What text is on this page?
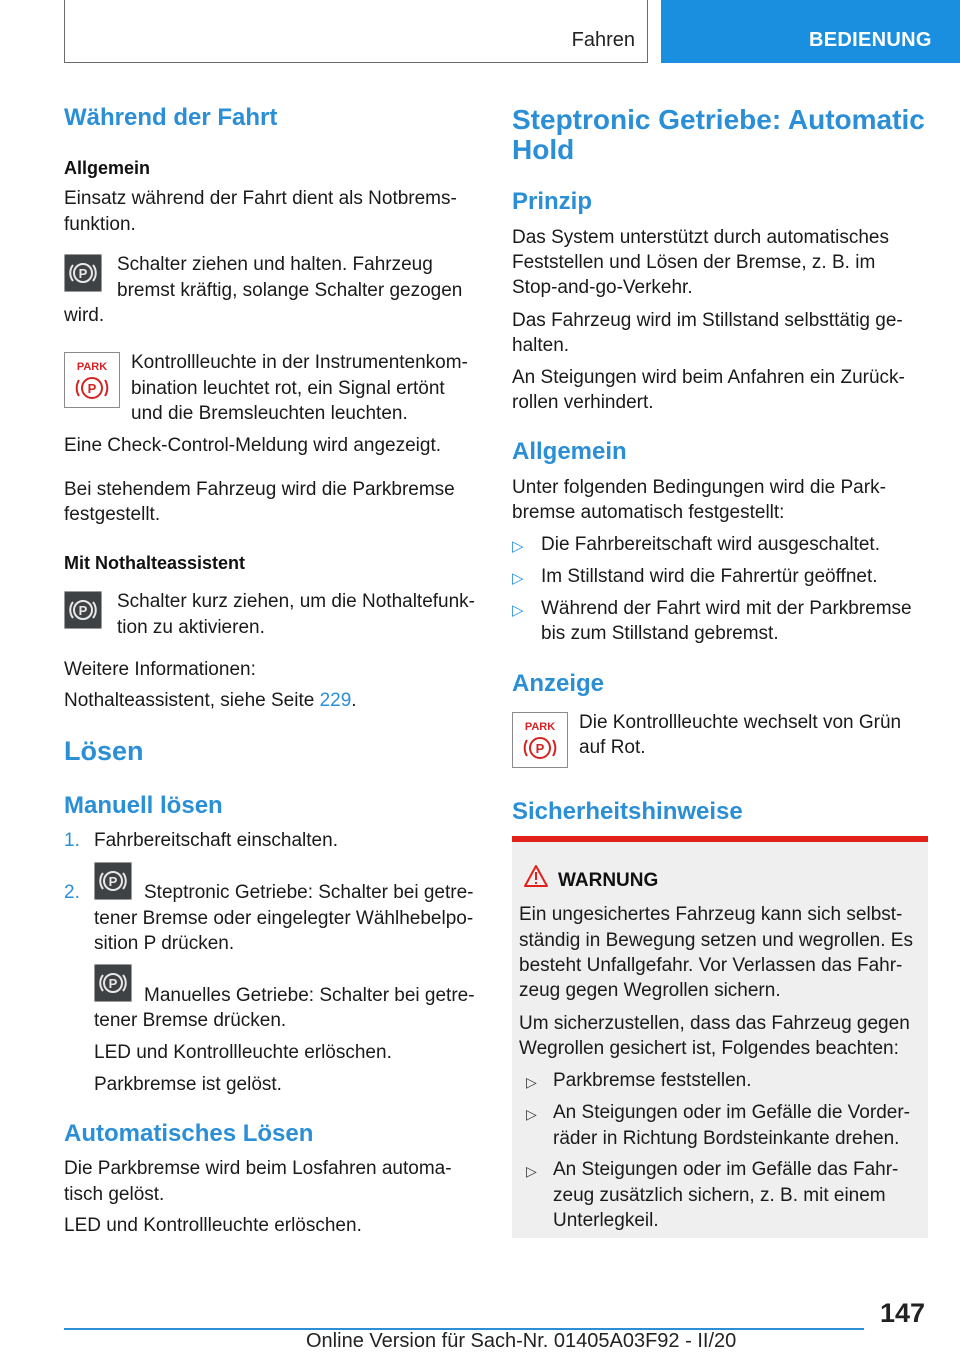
Fahren	BEDIENUNG
Während der Fahrt
Allgemein
Einsatz während der Fahrt dient als Notbrems-
funktion.
P Schalter ziehen und halten. Fahrzeug
bremst kräftig, solange Schalter gezogen
wird.
PARK
P
Kontrollleuchte in der Instrumentenkom-
bination leuchtet rot, ein Signal ertönt
und die Bremsleuchten leuchten.
Eine Check-Control-Meldung wird angezeigt.
Bei stehendem Fahrzeug wird die Parkbremse
festgestellt.
Mit Nothalteassistent
P Schalter kurz ziehen, um die Nothaltefunk-
tion zu aktivieren.
Weitere Informationen:
Nothalteassistent, siehe Seite 229.
Lösen
Manuell lösen
1. Fahrbereitschaft einschalten.
2.
P
Steptronic Getriebe: Schalter bei getre-
tener Bremse oder eingelegter Wählhebelpo-
sition P drücken.
P
Manuelles Getriebe: Schalter bei getre-
tener Bremse drücken.
LED und Kontrollleuchte erlöschen.
Parkbremse ist gelöst.
Automatisches Lösen
Die Parkbremse wird beim Losfahren automa-
tisch gelöst.
LED und Kontrollleuchte erlöschen.
Steptronic Getriebe: Automatic
Hold
Prinzip
Das System unterstützt durch automatisches
Feststellen und Lösen der Bremse, z. B. im
Stop-and-go-Verkehr.
Das Fahrzeug wird im Stillstand selbsttätig ge-
halten.
An Steigungen wird beim Anfahren ein Zurück-
rollen verhindert.
Allgemein
Unter folgenden Bedingungen wird die Park-
bremse automatisch festgestellt:
▷ Die Fahrbereitschaft wird ausgeschaltet.
▷ Im Stillstand wird die Fahrertür geöffnet.
▷ Während der Fahrt wird mit der Parkbremse
bis zum Stillstand gebremst.
Anzeige
PARK
P
Die Kontrollleuchte wechselt von Grün
auf Rot.
Sicherheitshinweise
WARNUNG
Ein ungesichertes Fahrzeug kann sich selbst-
ständig in Bewegung setzen und wegrollen. Es
besteht Unfallgefahr. Vor Verlassen das Fahr-
zeug gegen Wegrollen sichern.
Um sicherzustellen, dass das Fahrzeug gegen
Wegrollen gesichert ist, Folgendes beachten:
▷ Parkbremse feststellen.
▷ An Steigungen oder im Gefälle die Vorder-
räder in Richtung Bordsteinkante drehen.
▷ An Steigungen oder im Gefälle das Fahr-
zeug zusätzlich sichern, z. B. mit einem
Unterlegkeil.
147
Online Version für Sach-Nr. 01405A03F92 - II/20
